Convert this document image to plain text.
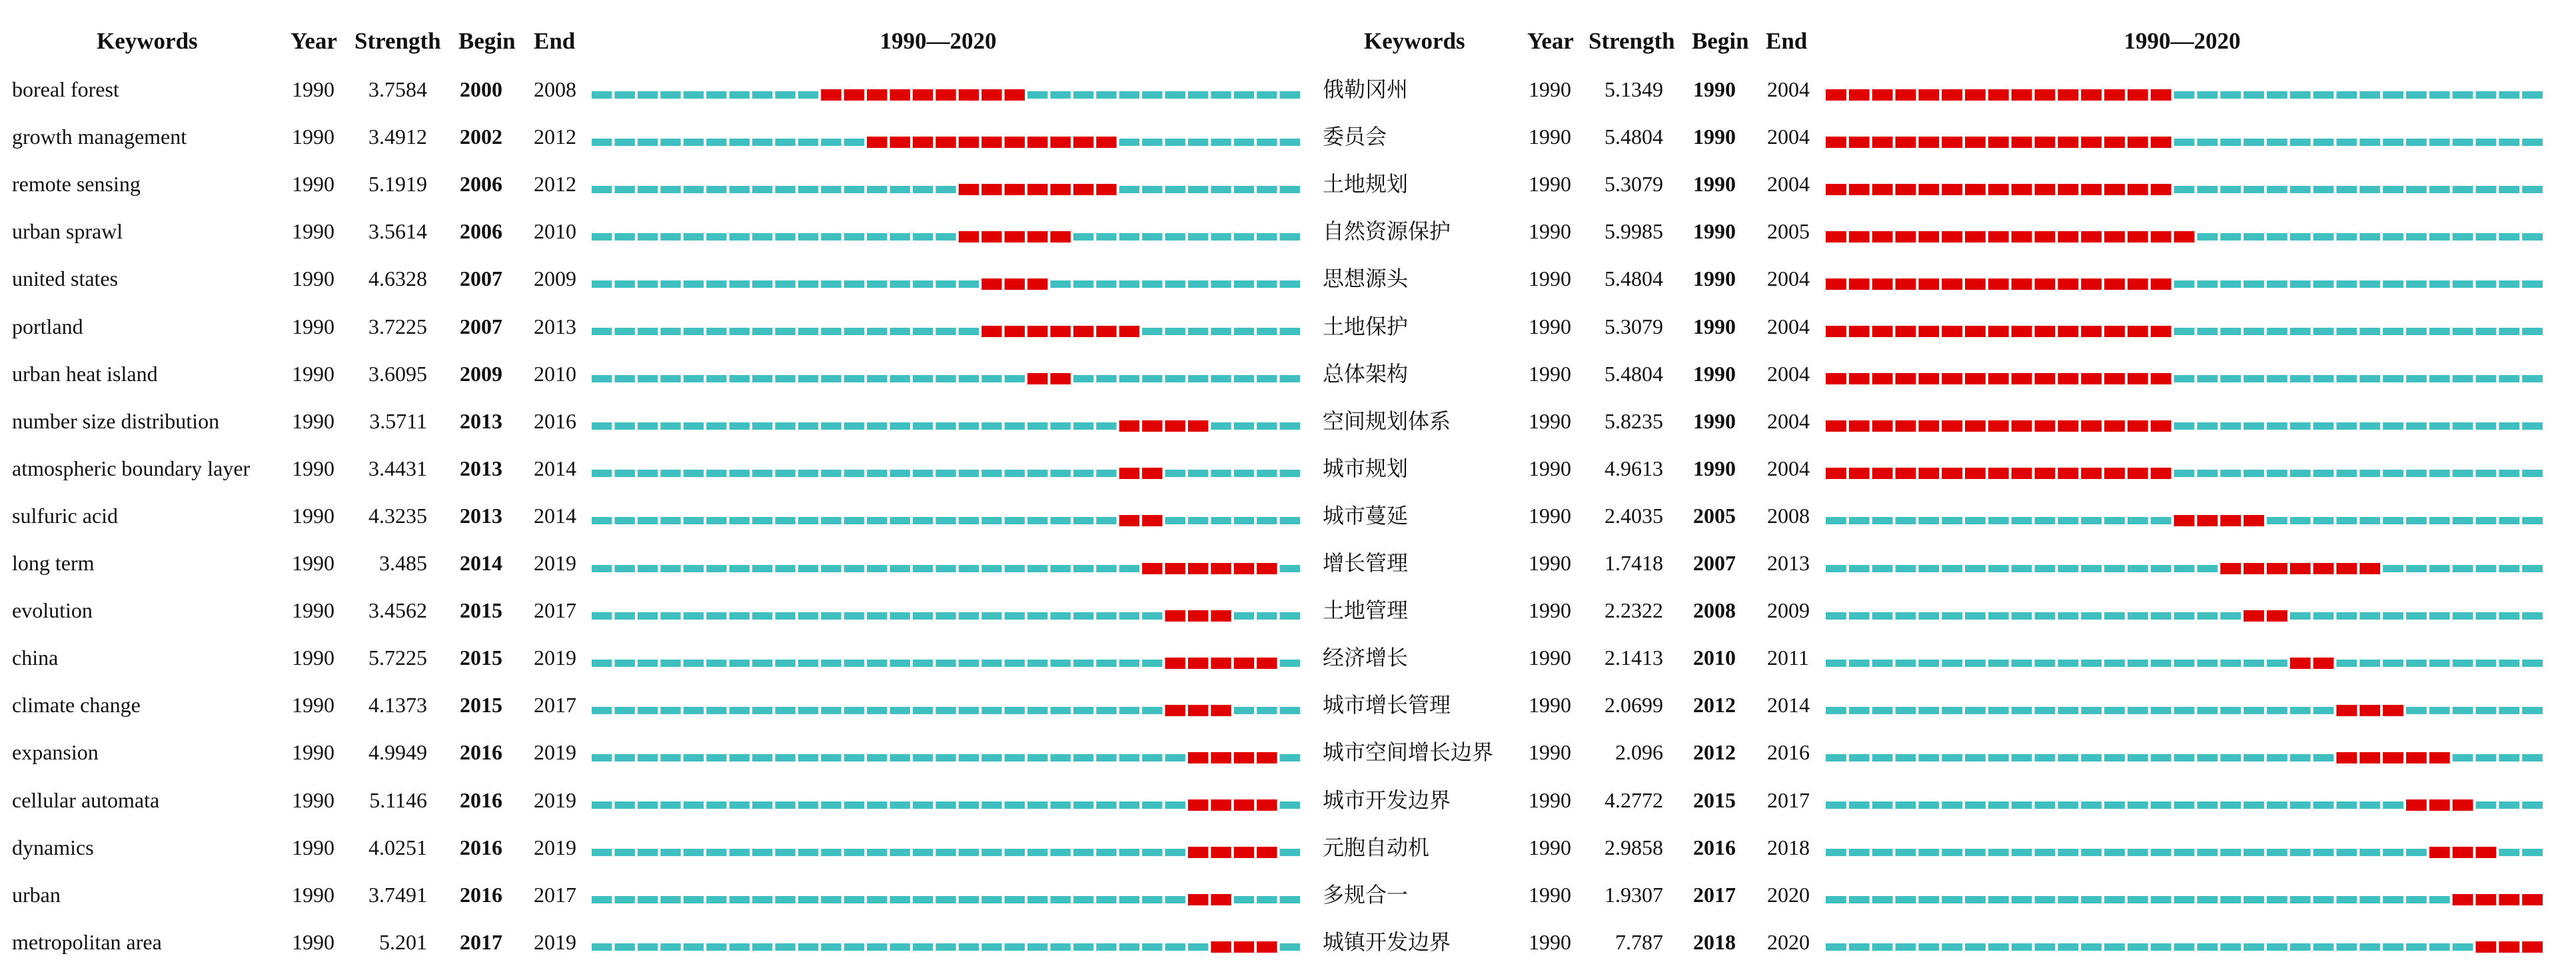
Keywords	Year Strength Begin End	1990—2020
boreal forest	1990 3.7584 2000 2008
growth management	1990 3.4912 2002 2012
remote sensing	1990 5.1919 2006 2012
urban sprawl	1990 3.5614 2006 2010
united states	1990 4.6328 2007 2009
portland	1990 3.7225 2007 2013
urban heat island	1990 3.6095 2009 2010
number size distribution	1990 3.5711 2013 2016
atmospheric boundary layer 1990 3.4431 2013 2014
sulfuric acid	1990 4.3235 2013 2014
long term	1990 3.485 2014 2019
evolution	1990 3.4562 2015 2017
china	1990 5.7225 2015 2019
climate change	1990 4.1373 2015 2017
expansion	1990 4.9949 2016 2019
cellular automata	1990 5.1146 2016 2019
dynamics	1990 4.0251 2016 2019
urban	1990 3.7491 2016 2017
metropolitan area	1990 5.201 2017 2019
Keywords	Year Strength Begin End	1990—2020
俄勒冈州	1990 5.1349 1990 2004
委员会	1990 5.4804 1990 2004
土地规划	1990 5.3079 1990 2004
自然资源保护	1990 5.9985 1990 2005
思想源头	1990 5.4804 1990 2004
土地保护	1990 5.3079 1990 2004
总体架构	1990 5.4804 1990 2004
空间规划体系	1990 5.8235 1990 2004
城市规划	1990 4.9613 1990 2004
城市蔓延	1990 2.4035 2005 2008
增长管理	1990 1.7418 2007 2013
土地管理	1990 2.2322 2008 2009
经济增长	1990 2.1413 2010 2011
城市增长管理	1990 2.0699 2012 2014
城市空间增长边界 1990 2.096 2012 2016
城市开发边界	1990 4.2772 2015 2017
元胞自动机	1990 2.9858 2016 2018
多规合一	1990 1.9307 2017 2020
城镇开发边界	1990 7.787 2018 2020
